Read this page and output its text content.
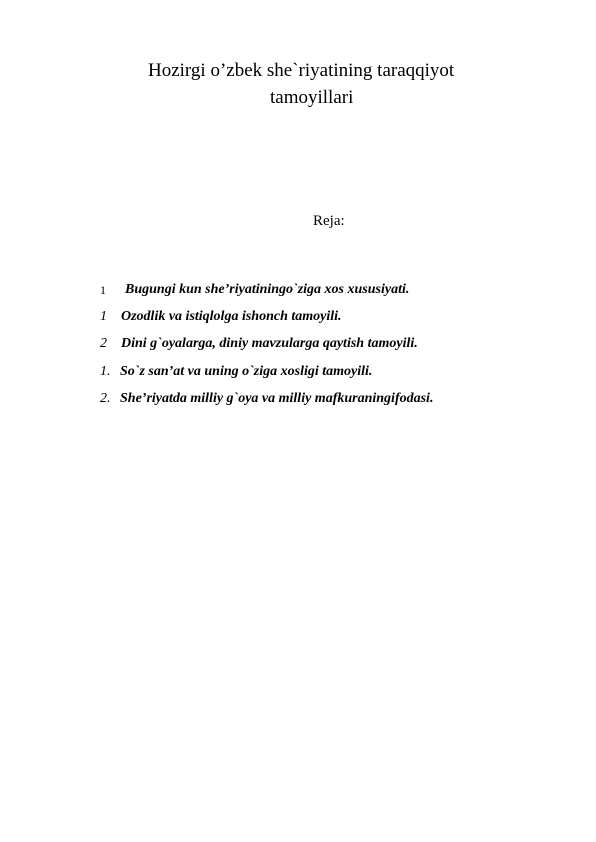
Hozirgi o’zbek she`riyatining taraqqiyot
tamoyillari
Reja:
1 Bugungi kun she’riyatiningo`ziga xos xususiyati.
1 Ozodlik va istiqlolga ishonch tamoyili.
2 Dini g`oyalarga, diniy mavzularga qaytish tamoyili.
1. So`z san’at va uning o`ziga xosligi tamoyili.
2. She’riyatda milliy g`oya va milliy mafkuraningifodasi.
